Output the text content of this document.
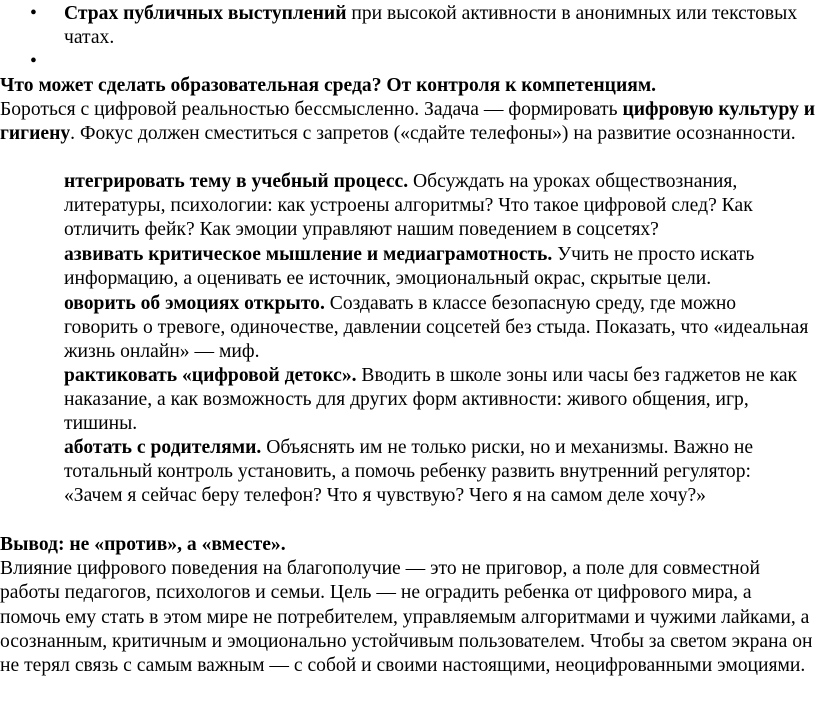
• Страх публичных выступлений при высокой активности в анонимных или текстовых чатах.
•
Что может сделать образовательная среда? От контроля к компетенциям.
Бороться с цифровой реальностью бессмысленно. Задача — формировать цифровую культуру и гигиену. Фокус должен сместиться с запретов («сдайте телефоны») на развитие осознанности.
нтегрировать тему в учебный процесс. Обсуждать на уроках обществознания, литературы, психологии: как устроены алгоритмы? Что такое цифровой след? Как отличить фейк? Как эмоции управляют нашим поведением в соцсетях?
азвивать критическое мышление и медиаграмотность. Учить не просто искать информацию, а оценивать ее источник, эмоциональный окрас, скрытые цели.
оворить об эмоциях открыто. Создавать в классе безопасную среду, где можно говорить о тревоге, одиночестве, давлении соцсетей без стыда. Показать, что «идеальная жизнь онлайн» — миф.
рактиковать «цифровой детокс». Вводить в школе зоны или часы без гаджетов не как наказание, а как возможность для других форм активности: живого общения, игр, тишины.
аботать с родителями. Объяснять им не только риски, но и механизмы. Важно не тотальный контроль установить, а помочь ребенку развить внутренний регулятор: «Зачем я сейчас беру телефон? Что я чувствую? Чего я на самом деле хочу?»
Вывод: не «против», а «вместе».
Влияние цифрового поведения на благополучие — это не приговор, а поле для совместной работы педагогов, психологов и семьи. Цель — не оградить ребенка от цифрового мира, а помочь ему стать в этом мире не потребителем, управляемым алгоритмами и чужими лайками, а осознанным, критичным и эмоционально устойчивым пользователем. Чтобы за светом экрана он не терял связь с самым важным — с собой и своими настоящими, неоцифрованными эмоциями.
